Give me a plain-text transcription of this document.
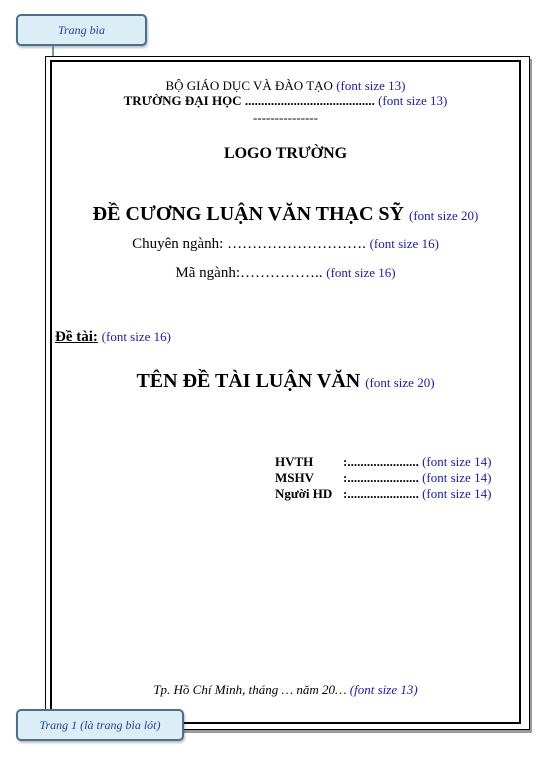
Trang bìa
BỘ GIÁO DỤC VÀ ĐÀO TẠO (font size 13)
TRƯỜNG ĐẠI HỌC ........................................ (font size 13)
---------------
LOGO TRƯỜNG
ĐỀ CƯƠNG LUẬN VĂN THẠC SỸ (font size 20)
Chuyên ngành: ………………………. (font size 16)
Mã ngành:…………….. (font size 16)
Đề tài: (font size 16)
TÊN ĐỀ TÀI LUẬN VĂN (font size 20)
HVTH :...................... (font size 14)
MSHV :...................... (font size 14)
Người HD :...................... (font size 14)
Tp. Hồ Chí Minh, tháng … năm 20… (font size 13)
Trang 1 (là trang bìa lót)
